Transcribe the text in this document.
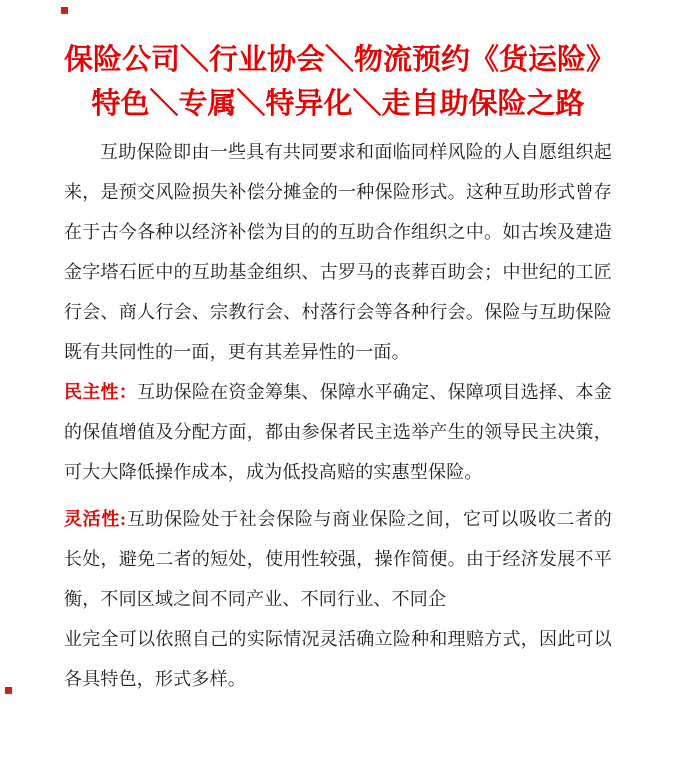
保险公司＼行业协会＼物流预约《货运险》
特色＼专属＼特异化＼走自助保险之路

互助保险即由一些具有共同要求和面临同样风险的人自愿组织起来，是预交风险损失补偿分摊金的一种保险形式。这种互助形式曾存在于古今各种以经济补偿为目的的互助合作组织之中。如古埃及建造金字塔石匠中的互助基金组织、古罗马的丧葬百助会；中世纪的工匠行会、商人行会、宗教行会、村落行会等各种行会。保险与互助保险既有共同性的一面，更有其差异性的一面。

民主性：互助保险在资金筹集、保障水平确定、保障项目选择、本金的保值增值及分配方面，都由参保者民主选举产生的领导民主决策，可大大降低操作成本，成为低投高赔的实惠型保险。

灵活性:互助保险处于社会保险与商业保险之间，它可以吸收二者的长处，避免二者的短处，使用性较强，操作简便。由于经济发展不平衡，不同区域之间不同产业、不同行业、不同企

业完全可以依照自己的实际情况灵活确立险种和理赔方式，因此可以各具特色，形式多样。
